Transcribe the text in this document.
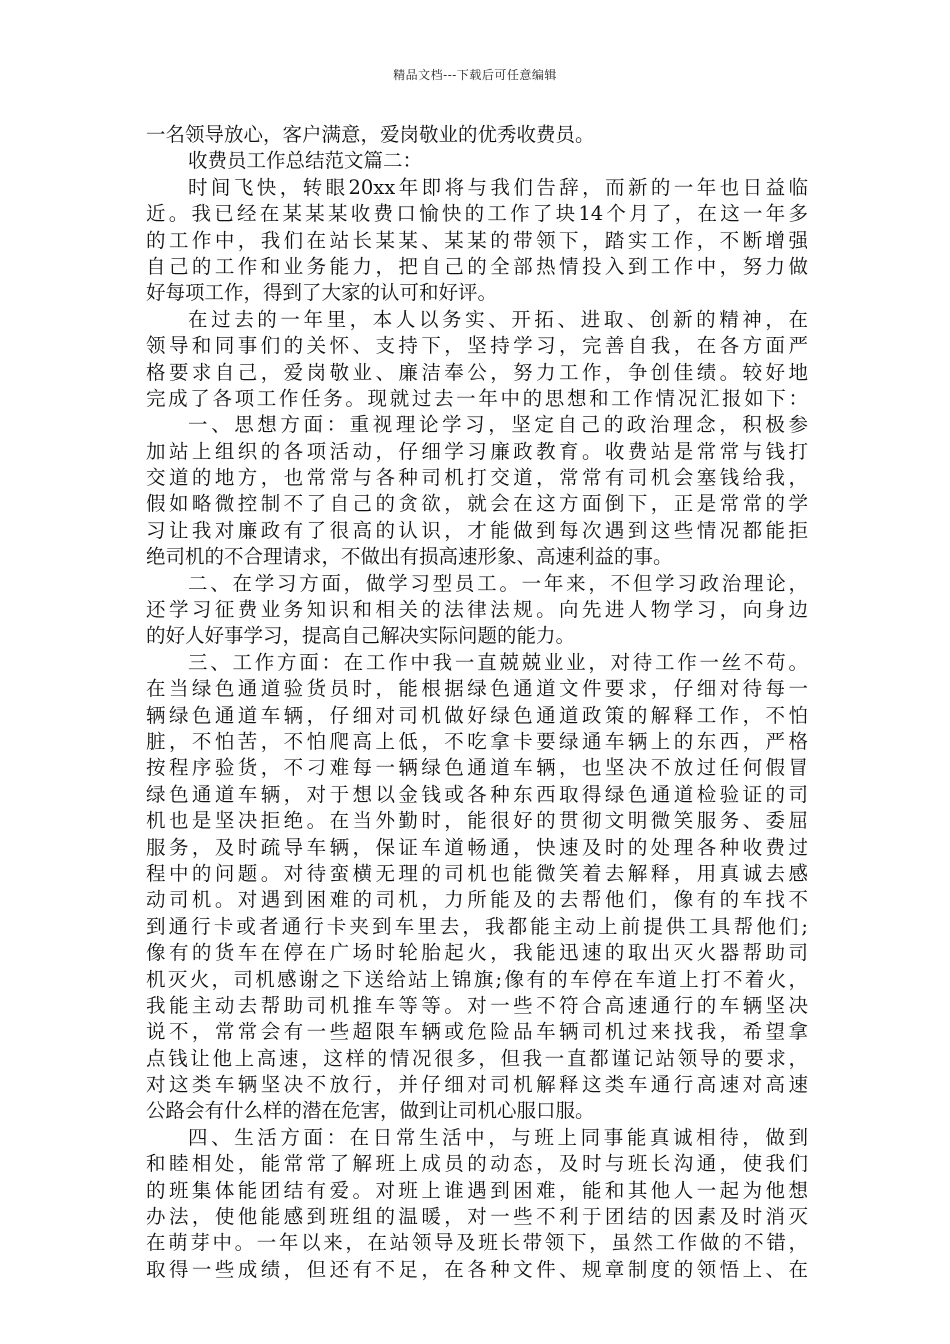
精品文档---下载后可任意编辑
一名领导放心，客户满意，爱岗敬业的优秀收费员。
收费员工作总结范文篇二：
时间飞快，转眼20xx年即将与我们告辞，而新的一年也日益临
近。我已经在某某某收费口愉快的工作了块14个月了，在这一年多
的工作中，我们在站长某某、某某的带领下，踏实工作，不断增强
自己的工作和业务能力，把自己的全部热情投入到工作中，努力做
好每项工作，得到了大家的认可和好评。
在过去的一年里，本人以务实、开拓、进取、创新的精神，在
领导和同事们的关怀、支持下，坚持学习，完善自我，在各方面严
格要求自己，爱岗敬业、廉洁奉公，努力工作，争创佳绩。较好地
完成了各项工作任务。现就过去一年中的思想和工作情况汇报如下：
一、思想方面：重视理论学习，坚定自己的政治理念，积极参
加站上组织的各项活动，仔细学习廉政教育。收费站是常常与钱打
交道的地方，也常常与各种司机打交道，常常有司机会塞钱给我，
假如略微控制不了自己的贪欲，就会在这方面倒下，正是常常的学
习让我对廉政有了很高的认识，才能做到每次遇到这些情况都能拒
绝司机的不合理请求，不做出有损高速形象、高速利益的事。
二、在学习方面，做学习型员工。一年来，不但学习政治理论，
还学习征费业务知识和相关的法律法规。向先进人物学习，向身边
的好人好事学习，提高自己解决实际问题的能力。
三、工作方面：在工作中我一直兢兢业业，对待工作一丝不苟。
在当绿色通道验货员时，能根据绿色通道文件要求，仔细对待每一
辆绿色通道车辆，仔细对司机做好绿色通道政策的解释工作，不怕
脏，不怕苦，不怕爬高上低，不吃拿卡要绿通车辆上的东西，严格
按程序验货，不刁难每一辆绿色通道车辆，也坚决不放过任何假冒
绿色通道车辆，对于想以金钱或各种东西取得绿色通道检验证的司
机也是坚决拒绝。在当外勤时，能很好的贯彻文明微笑服务、委屈
服务，及时疏导车辆，保证车道畅通，快速及时的处理各种收费过
程中的问题。对待蛮横无理的司机也能微笑着去解释，用真诚去感
动司机。对遇到困难的司机，力所能及的去帮他们，像有的车找不
到通行卡或者通行卡夹到车里去，我都能主动上前提供工具帮他们;
像有的货车在停在广场时轮胎起火，我能迅速的取出灭火器帮助司
机灭火，司机感谢之下送给站上锦旗;像有的车停在车道上打不着火，
我能主动去帮助司机推车等等。对一些不符合高速通行的车辆坚决
说不，常常会有一些超限车辆或危险品车辆司机过来找我，希望拿
点钱让他上高速，这样的情况很多，但我一直都谨记站领导的要求，
对这类车辆坚决不放行，并仔细对司机解释这类车通行高速对高速
公路会有什么样的潜在危害，做到让司机心服口服。
四、生活方面：在日常生活中，与班上同事能真诚相待，做到
和睦相处，能常常了解班上成员的动态，及时与班长沟通，使我们
的班集体能团结有爱。对班上谁遇到困难，能和其他人一起为他想
办法，使他能感到班组的温暖，对一些不利于团结的因素及时消灭
在萌芽中。一年以来，在站领导及班长带领下，虽然工作做的不错，
取得一些成绩，但还有不足，在各种文件、规章制度的领悟上、在
